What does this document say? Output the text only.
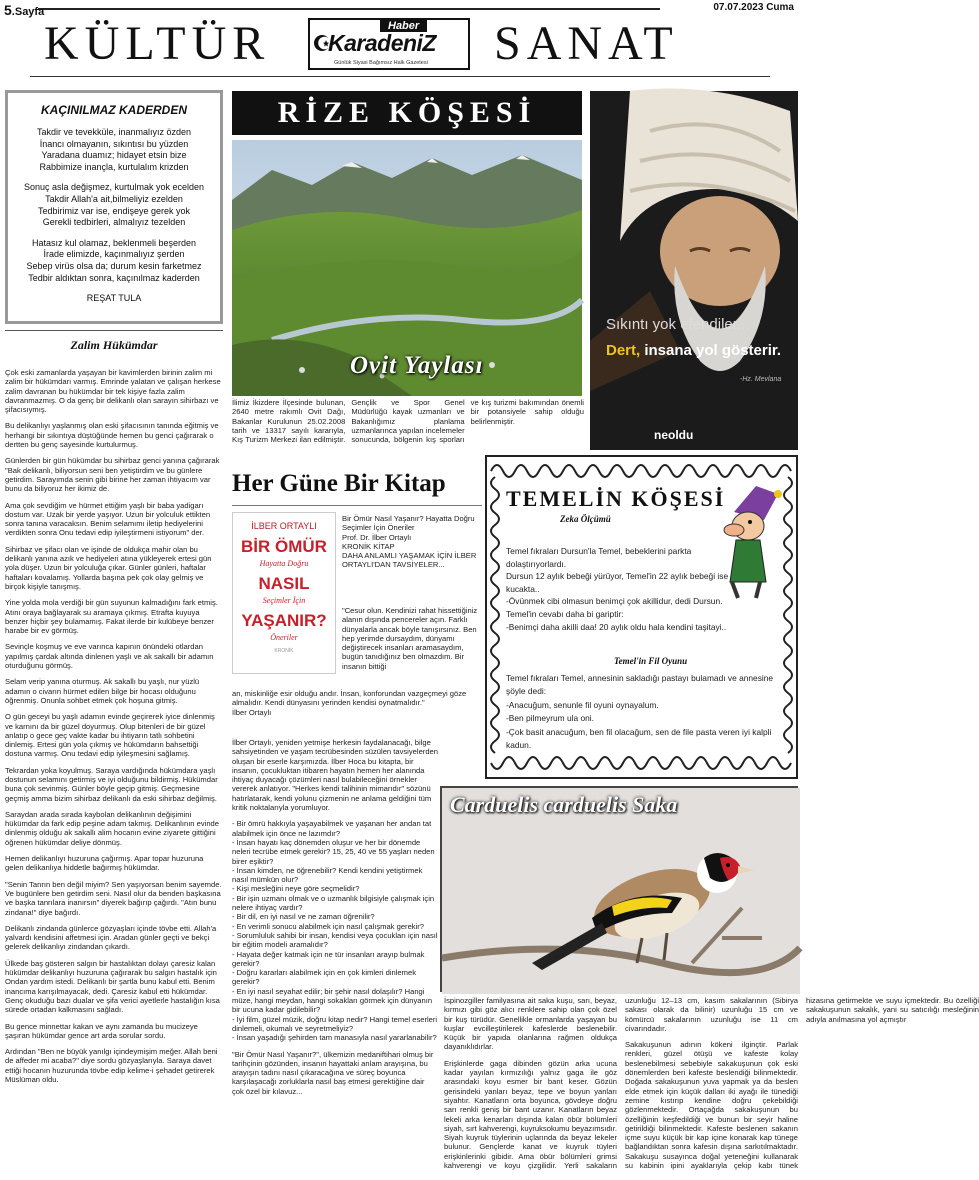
5.Sayfa	07.07.2023 Cuma
KÜLTÜR	Haber
KaradeniZ
Günlük Siyasi Bağımsız Halk Gazetesi SANAT
KAÇINILMAZ KADERDEN
Takdir ve tevekküle, inanmalıyız özden
İnancı olmayanın, sıkıntısı bu yüzden
Yaradana duamız; hidayet etsin bize
Rabbimize inançla, kurtulalım krizden
Sonuç asla değişmez, kurtulmak yok ecelden
Takdir Allah'a ait,bilmeliyiz ezelden
Tedbirimiz var ise, endişeye gerek yok
Gerekli tedbirleri, almalıyız tezelden
Hatasız kul olamaz, beklenmeli beşerden
İrade elimizde, kaçınmalıyız şerden
Sebep virüs olsa da; durum kesin farketmez
Tedbir aldıktan sonra, kaçınılmaz kaderden
REŞAT TULA
Zalim Hükümdar

Çok eski zamanlarda yaşayan bir kavimlerden birinin zalim mi zalim bir hükümdarı varmış. Emrinde yalatan ve çalışan herkese zalim davranan bu hükümdar bir tek kişiye fazla zalim davranmazmış. O da genç bir delikanlı olan sarayın sihirbazı ve şifacısıymış.

Bu delikanlıyı yaşlanmış olan eski şifacısının tanında eğitmiş ve herhangi bir sıkıntıya düştüğünde hemen bu genci çağırarak o dertten bu genç sayesinde kurtulurmuş.

Günlerden bir gün hükümdar bu sihirbaz genci yanına çağırarak "Bak delikanlı, biliyorsun seni ben yetiştirdim ve bu günlere getirdim. Sarayımda senin gibi birine her zaman ihtiyacım var bunu da biliyoruz her ikimiz de.

Ama çok sevdiğim ve hürmet ettiğim yaşlı bir baba yadigarı dostum var. Uzak bir yerde yaşıyor. Uzun bir yolculuk ettikten sonra tanına varacaksın. Benim selamımı iletip hediyelerini verdikten sonra Onu tedavi edip iyileştirmeni istiyorum" der.

Sihirbaz ve şifacı olan ve işinde de oldukça mahir olan bu delikanlı yanına azık ve hediyeleri atına yükleyerek ertesi gün yola düşer. Uzun bir yolculuğa çıkar. Günler günleri, haftalar haftaları kovalamış. Yollarda başına pek çok olay gelmiş ve birçok kişiyle tanışmış.

Yine yolda mola verdiği bir gün suyunun kalmadığını fark etmiş. Atını oraya bağlayarak su aramaya çıkmış. Etrafta kuyuya benzer hiçbir şey bulamamış. Fakat ilerde bir kulübeye benzer harabe bir ev görmüş.

Sevinçle koşmuş ve eve varınca kapının önündeki otlardan yapılmış çardak altında dinlenen yaşlı ve ak sakallı bir adamın oturduğunu görmüş.

Selam verip yanına oturmuş. Ak sakallı bu yaşlı, nur yüzlü adamın o civarın hürmet edilen bilge bir hocası olduğunu öğrenmiş. Onunla sohbet etmek çok hoşuna gitmiş.

O gün geceyi bu yaşlı adamın evinde geçirerek iyice dinlenmiş ve karnını da bir güzel doyurmuş. Olup bitenleri de bir güzel anlatıp o gece geç vakte kadar bu ihtiyarın tatlı sohbetini dinlemiş. Ertesi gün yola çıkmış ve hükümdarın bahsettiği dostuna varmış. Onu tedavi edip iyileşmesini sağlamış.

Tekrardan yoka koyulmuş. Saraya vardığında hükümdara yaşlı dostunun selamını getirmiş ve iyi olduğunu bildirmiş. Hükümdar buna çok sevinmiş. Günler böyle geçip gitmiş. Geçmesine geçmiş amma bizim sihirbaz delikanlı da eski sihirbaz değilmiş.

Saraydan arada sırada kaybolan delikanlının değişimini hükümdar da fark edip peşine adam takmış. Delikanlının evinde dinlenmiş olduğu ak sakallı alim hocanın evine ziyarete gittiğini öğrenen hükümdar deliye dönmüş.

Hemen delikanlıyı huzuruna çağırmış. Apar topar huzuruna gelen delikanlıya hiddetle bağırmış hükümdar.

"Senin Tanrın ben değil miyim? Sen yaşıyorsan benim sayemde. Ve bugünlere ben getirdim seni. Nasıl olur da benden başkasına ve başka tanrılara inanırsın" diyerek bağırıp çağırdı. "Atın bunu zindana!" diye bağırdı.

Delikanlı zindanda günlerce gözyaşları içinde tövbe etti. Allah'a yalvardı kendisini affetmesi için. Aradan günler geçti ve bekçi gelerek delikanlıyı zindandan çıkardı.

Ülkede baş gösteren salgın bir hastalıktan dolayı çaresiz kalan hükümdar delikanlıyı huzuruna çağırarak bu salgın hastalık için Ondan yardım istedi. Delikanlı bir şartla bunu kabul etti. Benim inancıma karışılmayacak, dedi. Çaresiz kabul etti hükümdar. Genç okuduğu bazı dualar ve şifa verici ayetlerle hastalığın kısa sürede ortadan kalkmasını sağladı.

Bu gence minnettar kakan ve aynı zamanda bu mucizeye şaşıran hükümdar gence art arda sorular sordu.

Ardından "Ben ne büyük yanılgı içindeymişim meğer. Allah beni de affeder mi acaba?" diye sordu gözyaşlarıyla. Saraya davet ettiği hocanın huzurunda tövbe edip kelime-i şehadet getirerek Müslüman oldu.

RİZE KÖŞESİ
Ovit Yaylası

İlimiz İkizdere İlçesinde bulunan, 2640 metre rakımlı Ovit Dağı, Bakanlar Kurulunun 25.02.2008 tarih ve 13317 sayılı kararıyla, Kış Turizm Merkezi ilan edilmiştir. Gençlik ve Spor Genel Müdürlüğü kayak uzmanları ve Bakanlığımız planlama uzmanlarınca yapılan incelemeler sonucunda, bölgenin kış sporları ve kış turizmi bakımından önemli bir potansiyele sahip olduğu belirlenmiştir.

Sıkıntı yok efendiler...
Dert, insana yol gösterir.
-Hz. Mevlana
neoldu
Her Güne Bir Kitap
İLBER ORTAYLI
BİR ÖMÜR
Hayatta Doğru
NASIL
Seçimler İçin
YAŞANIR?
Öneriler
KRONİK
Bir Ömür Nasıl Yaşanır? Hayatta Doğru Seçimler İçin Öneriler
Prof. Dr. İlber Ortaylı
KRONİK KİTAP
DAHA ANLAMLI YAŞAMAK İÇİN İLBER ORTAYLI'DAN TAVSİYELER...
"Cesur olun. Kendinizi rahat hissettiğiniz alanın dışında pencereler açın. Farklı dünyalarla ancak böyle tanışırsınız. Ben hep yerimde dursaydım, dünyamı değiştirecek insanları aramasaydım, bugün tanıdığınız ben olmazdım. Bir insanın bittiği
an, miskinliğe esir olduğu andır. İnsan, konforundan vazgeçmeyi göze almalıdır. Kendi dünyasını yerinden kendisi oynatmalıdır."
İlber Ortaylı

İlber Ortaylı, yeniden yetmişe herkesin faydalanacağı, bilge sahsiyetinden ve yaşam tecrübesinden süzülen tavsiyelerden oluşan bir eserle karşımızda. İlber Hoca bu kitapta, bir insanın, çocukluktan itibaren hayatın hemen her alanında ihtiyaç duyacağı çözümleri nasıl bulabileceğini örnekler vererek anlatıyor. "Herkes kendi talihinin mimarıdır" sözünü hatırlatarak, kendi yolunu çizmenin ne anlama geldiğini tüm kritik noktalarıyla yorumluyor.

- Bir ömrü hakkıyla yaşayabilmek ve yaşanan her andan tat alabilmek için önce ne lazımdır?
- İnsan hayatı kaç dönemden oluşur ve her bir dönemde neleri tecrübe etmek gerekir? 15, 25, 40 ve 55 yaşları neden birer eşiktir?
- İnsan kimden, ne öğrenebilir? Kendi kendini yetiştirmek nasıl mümkün olur?
- Kişi mesleğini neye göre seçmelidir?
- Bir işin uzmanı olmak ve o uzmanlık bilgisiyle çalışmak için nelere ihtiyaç vardır?
- Bir dil, en iyi nasıl ve ne zaman öğrenilir?
- En verimli sonucu alabilmek için nasıl çalışmak gerekir?
- Sorumluluk sahibi bir insan, kendisi veya çocukları için nasıl bir eğitim modeli aramalıdır?
- Hayata değer katmak için ne tür insanları arayıp bulmak gerekir?
- Doğru kararları alabilmek için en çok kimleri dinlemek gerekir?
- En iyi nasıl seyahat edilir; bir şehir nasıl dolaşılır? Hangi müze, hangi meydan, hangi sokakları görmek için dünyanın bir ucuna kadar gidilebilir?
- İyi film, güzel müzik, doğru kitap nedir? Hangi temel eserleri dinlemeli, okumalı ve seyretmeliyiz?
- İnsan yaşadığı şehirden tam manasıyla nasıl yararlanabilir?

"Bir Ömür Nasıl Yaşanır?", ülkemizin medaniftihari olmuş bir tarihçinin gözünden, insanın hayattaki anlam arayışına, bu arayışın tadını nasıl çıkaracağına ve süreç boyunca karşılaşacağı zorluklarla nasıl baş etmesi gerektiğine dair çok özel bir kılavuz...

TEMELİN KÖŞESİ
Zeka Ölçümü
Temel fıkraları Dursun'la Temel, bebeklerini parkta dolaştırıyorlardı.
Dursun 12 aylık bebeği yürüyor, Temel'in 22 aylık bebeği ise kucakta..
-Övünmek cibi olmasun benimçi çok akillidur, dedi Dursun.
Temel'in cevabı daha bi gariptir:
-Benimçi daha akilli daa! 20 aylık oldu hala kendini taşitayi..
Temel'in Fil Oyunu
Temel fıkraları Temel, annesinin sakladığı pastayı bulamadı ve annesine şöyle dedi:
-Anacuğum, senunle fil oyuni oynayalum.
-Ben pilmeyrum ula oni.
-Çok basit anacuğum, ben fil olacağum, sen de file pasta veren iyi kalpli kadun.
Carduelis carduelis Saka

İspinozgiller familyasına ait saka kuşu, sarı, beyaz, kırmızı gibi göz alıcı renklere sahip olan çok özel bir kuş türüdür. Genellikle ormanlarda yaşayan bu kuşlar evcilleştirilerek kafeslerde beslenebilir. Küçük bir yapıda olanlarına rağmen oldukça dayanıklıdırlar.

Erişkinlerde gaga dibinden gözün arka ucuna kadar yayılan kırmızılığı yalnız gaga ile göz arasındaki koyu esmer bir bant keser. Gözün gerisindeki yanları beyaz, tepe ve boyun yanları siyahtır. Kanatların orta boyunca, gövdeye doğru sarı renkli geniş bir bant uzanır. Kanatların beyaz lekeli arka kenarları dışında kalan öbür bölümleri siyah, sırt kahverengi, kuyruksokumu beyazımsıdır. Siyah kuyruk tüylerinin uçlarında da beyaz lekeler bulunur. Gençlerde kanat ve kuyruk tüyleri erişkinlerinki gibidir. Ama öbür bölümleri grimsi kahverengi ve koyu çizgilidir. Yerli sakaların uzunluğu 12–13 cm, kasım sakalarının (Sibirya sakası olarak da bilinir) uzunluğu 15 cm ve kömürcü sakalarının uzunluğu ise 11 cm civarındadır.

Sakakuşunun adının kökeni ilginçtir. Parlak renkleri, güzel ötüşü ve kafeste kolay beslenebilmesi sebebiyle sakakuşunun çok eski dönemlerden beri kafeste beslendiği bilinmektedir. Doğada sakakuşunun yuva yapmak ya da beslen elde etmek için küçük dalları iki ayağı ile tünediği zemine kıstırıp kendine doğru çekebildiği gözlenmektedir. Ortaçağda sakakuşunun bu özelliğinin keşfedildiği ve bunun bir seyir haline getirildiği bilinmektedir. Kafeste beslenen sakanın içme suyu küçük bir kap içine konarak kap tünege bağlandıktan sonra kafesin dışına sarkıtılmaktadır. Sakakuşu susayınca doğal yeteneğini kullanarak su kabinin ipini ayaklarıyla çekip kabı tünek hizasına getirmekte ve suyu içmektedir. Bu özelliği sakakuşunun sakalık, yani su satıcılığı mesleğinin adıyla anılmasına yol açmıştır
